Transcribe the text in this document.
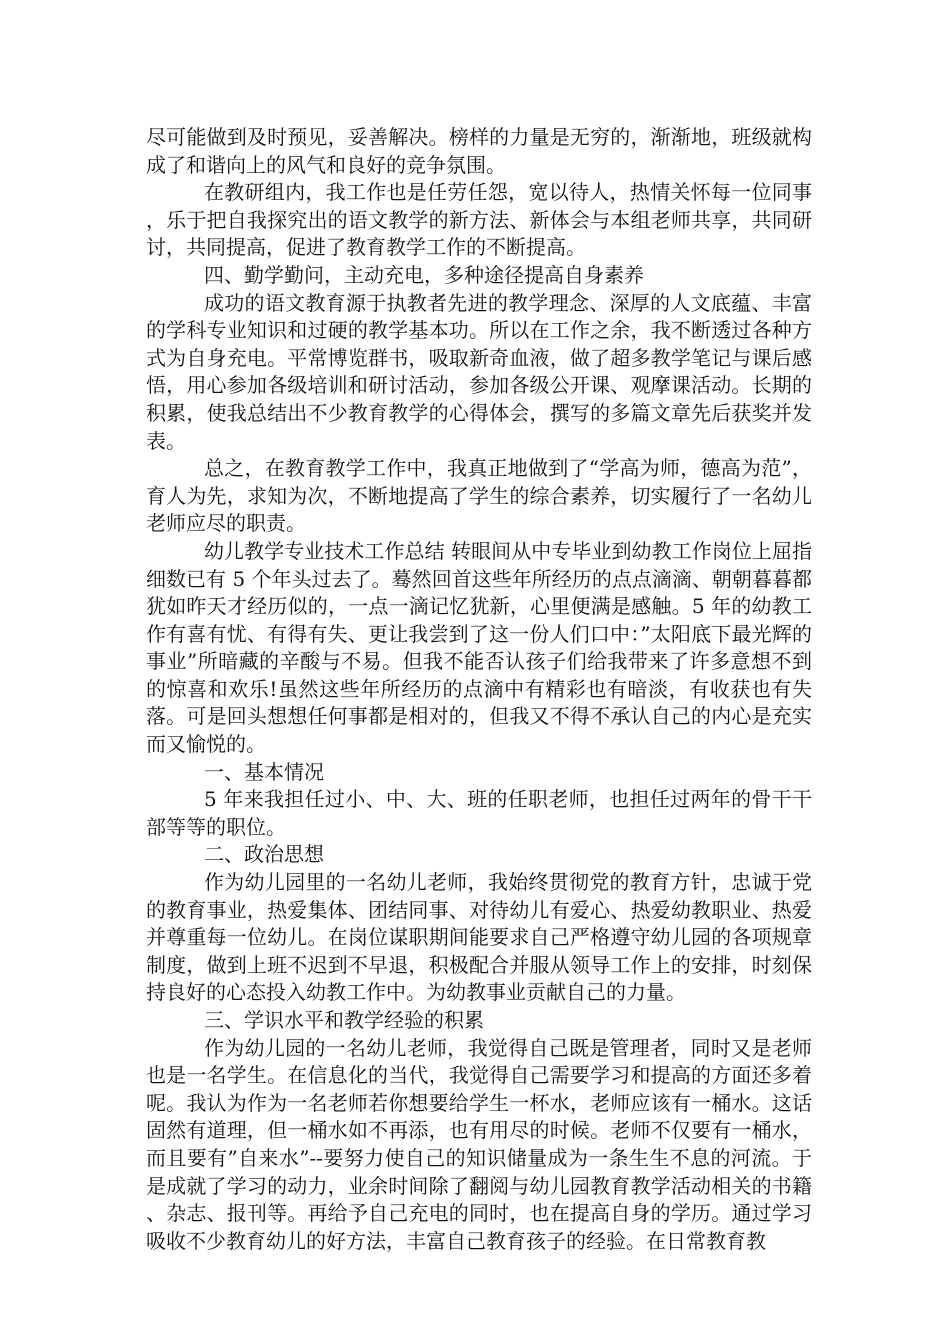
尽可能做到及时预见，妥善解决。榜样的力量是无穷的，渐渐地，班级就构成了和谐向上的风气和良好的竞争氛围。

在教研组内，我工作也是任劳任怨，宽以待人，热情关怀每一位同事，乐于把自我探究出的语文教学的新方法、新体会与本组老师共享，共同研讨，共同提高，促进了教育教学工作的不断提高。

四、勤学勤问，主动充电，多种途径提高自身素养

成功的语文教育源于执教者先进的教学理念、深厚的人文底蕴、丰富的学科专业知识和过硬的教学基本功。所以在工作之余，我不断透过各种方式为自身充电。平常博览群书，吸取新奇血液，做了超多教学笔记与课后感悟，用心参加各级培训和研讨活动，参加各级公开课、观摩课活动。长期的积累，使我总结出不少教育教学的心得体会，撰写的多篇文章先后获奖并发表。

总之，在教育教学工作中，我真正地做到了“学高为师，德高为范”，育人为先，求知为次，不断地提高了学生的综合素养，切实履行了一名幼儿老师应尽的职责。

幼儿教学专业技术工作总结 转眼间从中专毕业到幼教工作岗位上屈指细数已有 5 个年头过去了。蓦然回首这些年所经历的点点滴滴、朝朝暮暮都犹如昨天才经历似的，一点一滴记忆犹新，心里便满是感触。5 年的幼教工作有喜有忧、有得有失、更让我尝到了这一份人们口中：”太阳底下最光辉的事业”所暗藏的辛酸与不易。但我不能否认孩子们给我带来了许多意想不到的惊喜和欢乐!虽然这些年所经历的点滴中有精彩也有暗淡，有收获也有失落。可是回头想想任何事都是相对的，但我又不得不承认自己的内心是充实而又愉悦的。

一、基本情况

5 年来我担任过小、中、大、班的任职老师，也担任过两年的骨干干部等等的职位。

二、政治思想

作为幼儿园里的一名幼儿老师，我始终贯彻党的教育方针，忠诚于党的教育事业，热爱集体、团结同事、对待幼儿有爱心、热爱幼教职业、热爱并尊重每一位幼儿。在岗位谋职期间能要求自己严格遵守幼儿园的各项规章制度，做到上班不迟到不早退，积极配合并服从领导工作上的安排，时刻保持良好的心态投入幼教工作中。为幼教事业贡献自己的力量。

三、学识水平和教学经验的积累

作为幼儿园的一名幼儿老师，我觉得自己既是管理者，同时又是老师也是一名学生。在信息化的当代，我觉得自己需要学习和提高的方面还多着呢。我认为作为一名老师若你想要给学生一杯水，老师应该有一桶水。这话固然有道理，但一桶水如不再添，也有用尽的时候。老师不仅要有一桶水，而且要有”自来水”--要努力使自己的知识储量成为一条生生不息的河流。于是成就了学习的动力，业余时间除了翻阅与幼儿园教育教学活动相关的书籍、杂志、报刊等。再给予自己充电的同时，也在提高自身的学历。通过学习吸收不少教育幼儿的好方法，丰富自己教育孩子的经验。在日常教育教
